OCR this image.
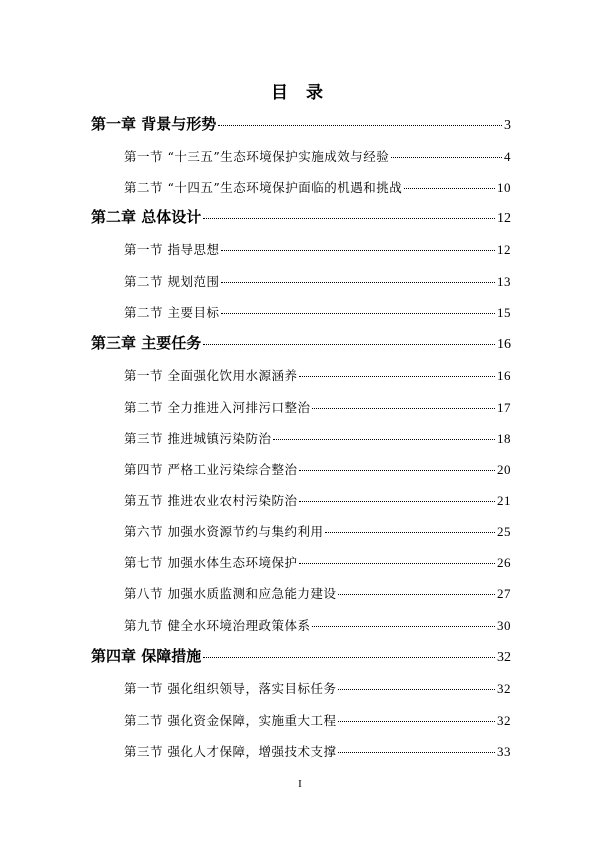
目 录
第一章 背景与形势	3
第一节 “十三五”生态环境保护实施成效与经验	4
第二节 “十四五”生态环境保护面临的机遇和挑战	10
第二章 总体设计	12
第一节 指导思想	12
第二节 规划范围	13
第二节 主要目标	15
第三章 主要任务	16
第一节 全面强化饮用水源涵养	16
第二节 全力推进入河排污口整治	17
第三节 推进城镇污染防治	18
第四节 严格工业污染综合整治	20
第五节 推进农业农村污染防治	21
第六节 加强水资源节约与集约利用	25
第七节 加强水体生态环境保护	26
第八节 加强水质监测和应急能力建设	27
第九节 健全水环境治理政策体系	30
第四章 保障措施	32
第一节 强化组织领导，落实目标任务	32
第二节 强化资金保障，实施重大工程	32
第三节 强化人才保障，增强技术支撑	33
I
